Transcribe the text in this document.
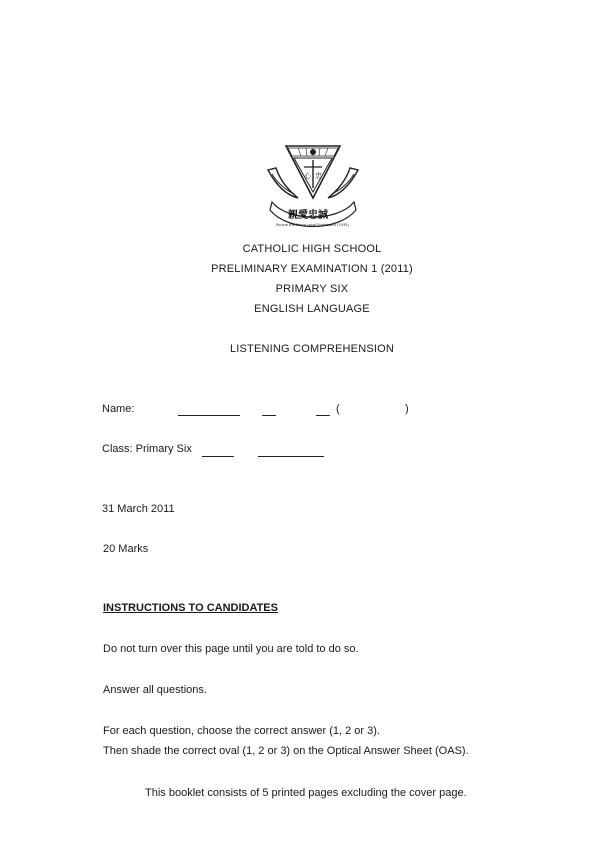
心 忠
親愛忠誠
Pursue the Primo Loyal Endeavour (1935)
CATHOLIC HIGH SCHOOL
PRELIMINARY EXAMINATION 1 (2011)
PRIMARY SIX
ENGLISH LANGUAGE
LISTENING COMPREHENSION
Name:	(	)
Class: Primary Six
31 March 2011
20 Marks
INSTRUCTIONS TO CANDIDATES
Do not turn over this page until you are told to do so.
Answer all questions.
For each question, choose the correct answer (1, 2 or 3).
Then shade the correct oval (1, 2 or 3) on the Optical Answer Sheet (OAS).
This booklet consists of 5 printed pages excluding the cover page.
